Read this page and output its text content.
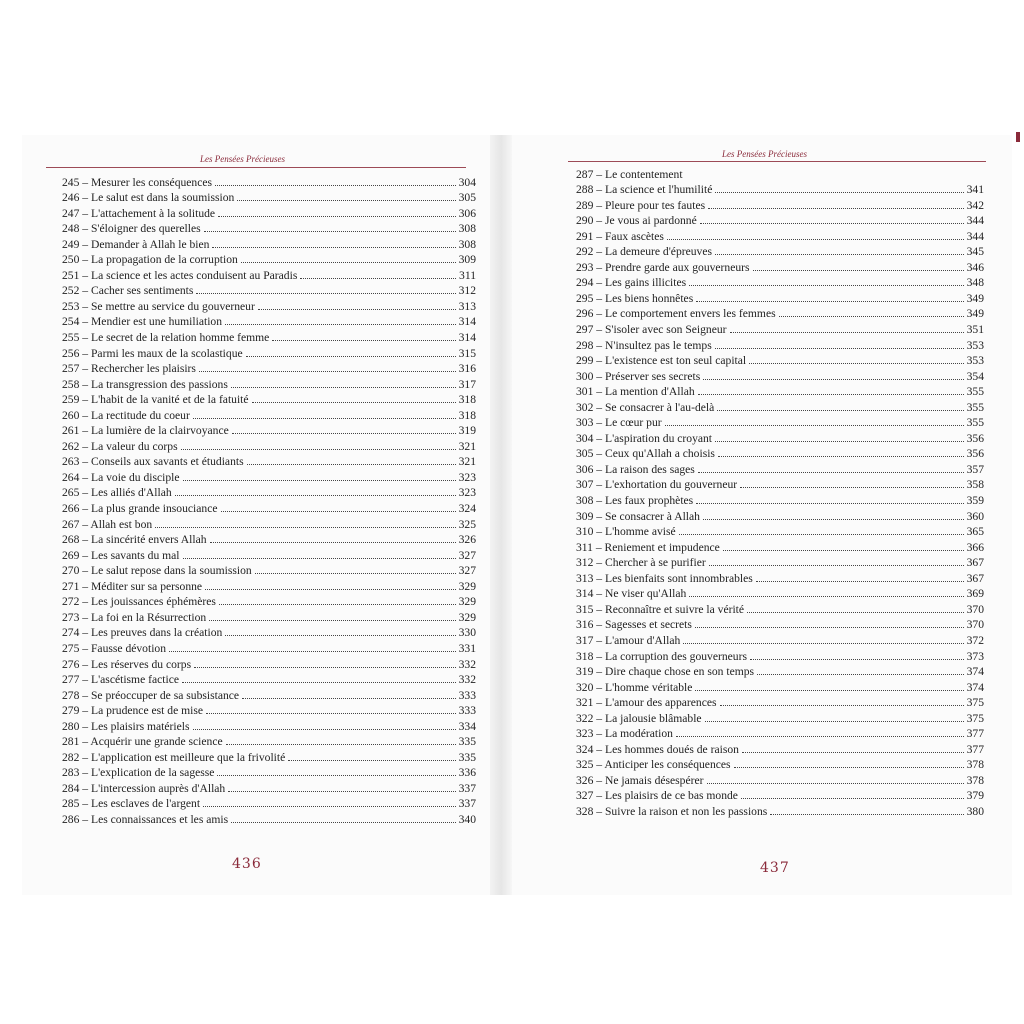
Les Pensées Précieuses	Les Pensées Précieuses
245 – Mesurer les conséquences	304
246 – Le salut est dans la soumission	305
247 – L'attachement à la solitude	306
248 – S'éloigner des querelles	308
249 – Demander à Allah le bien	308
250 – La propagation de la corruption	309
251 – La science et les actes conduisent au Paradis	311
252 – Cacher ses sentiments	312
253 – Se mettre au service du gouverneur	313
254 – Mendier est une humiliation	314
255 – Le secret de la relation homme femme	314
256 – Parmi les maux de la scolastique	315
257 – Rechercher les plaisirs	316
258 – La transgression des passions	317
259 – L'habit de la vanité et de la fatuité	318
260 – La rectitude du coeur	318
261 – La lumière de la clairvoyance	319
262 – La valeur du corps	321
263 – Conseils aux savants et étudiants	321
264 – La voie du disciple	323
265 – Les alliés d'Allah	323
266 – La plus grande insouciance	324
267 – Allah est bon	325
268 – La sincérité envers Allah	326
269 – Les savants du mal	327
270 – Le salut repose dans la soumission	327
271 – Méditer sur sa personne	329
272 – Les jouissances éphémères	329
273 – La foi en la Résurrection	329
274 – Les preuves dans la création	330
275 – Fausse dévotion	331
276 – Les réserves du corps	332
277 – L'ascétisme factice	332
278 – Se préoccuper de sa subsistance	333
279 – La prudence est de mise	333
280 – Les plaisirs matériels	334
281 – Acquérir une grande science	335
282 – L'application est meilleure que la frivolité	335
283 – L'explication de la sagesse	336
284 – L'intercession auprès d'Allah	337
285 – Les esclaves de l'argent	337
286 – Les connaissances et les amis	340
287 – Le contentement
288 – La science et l'humilité	341
289 – Pleure pour tes fautes	342
290 – Je vous ai pardonné	344
291 – Faux ascètes	344
292 – La demeure d'épreuves	345
293 – Prendre garde aux gouverneurs	346
294 – Les gains illicites	348
295 – Les biens honnêtes	349
296 – Le comportement envers les femmes	349
297 – S'isoler avec son Seigneur	351
298 – N'insultez pas le temps	353
299 – L'existence est ton seul capital	353
300 – Préserver ses secrets	354
301 – La mention d'Allah	355
302 – Se consacrer à l'au-delà	355
303 – Le cœur pur	355
304 – L'aspiration du croyant	356
305 – Ceux qu'Allah a choisis	356
306 – La raison des sages	357
307 – L'exhortation du gouverneur	358
308 – Les faux prophètes	359
309 – Se consacrer à Allah	360
310 – L'homme avisé	365
311 – Reniement et impudence	366
312 – Chercher à se purifier	367
313 – Les bienfaits sont innombrables	367
314 – Ne viser qu'Allah	369
315 – Reconnaître et suivre la vérité	370
316 – Sagesses et secrets	370
317 – L'amour d'Allah	372
318 – La corruption des gouverneurs	373
319 – Dire chaque chose en son temps	374
320 – L'homme véritable	374
321 – L'amour des apparences	375
322 – La jalousie blâmable	375
323 – La modération	377
324 – Les hommes doués de raison	377
325 – Anticiper les conséquences	378
326 – Ne jamais désespérer	378
327 – Les plaisirs de ce bas monde	379
328 – Suivre la raison et non les passions	380
436	437
